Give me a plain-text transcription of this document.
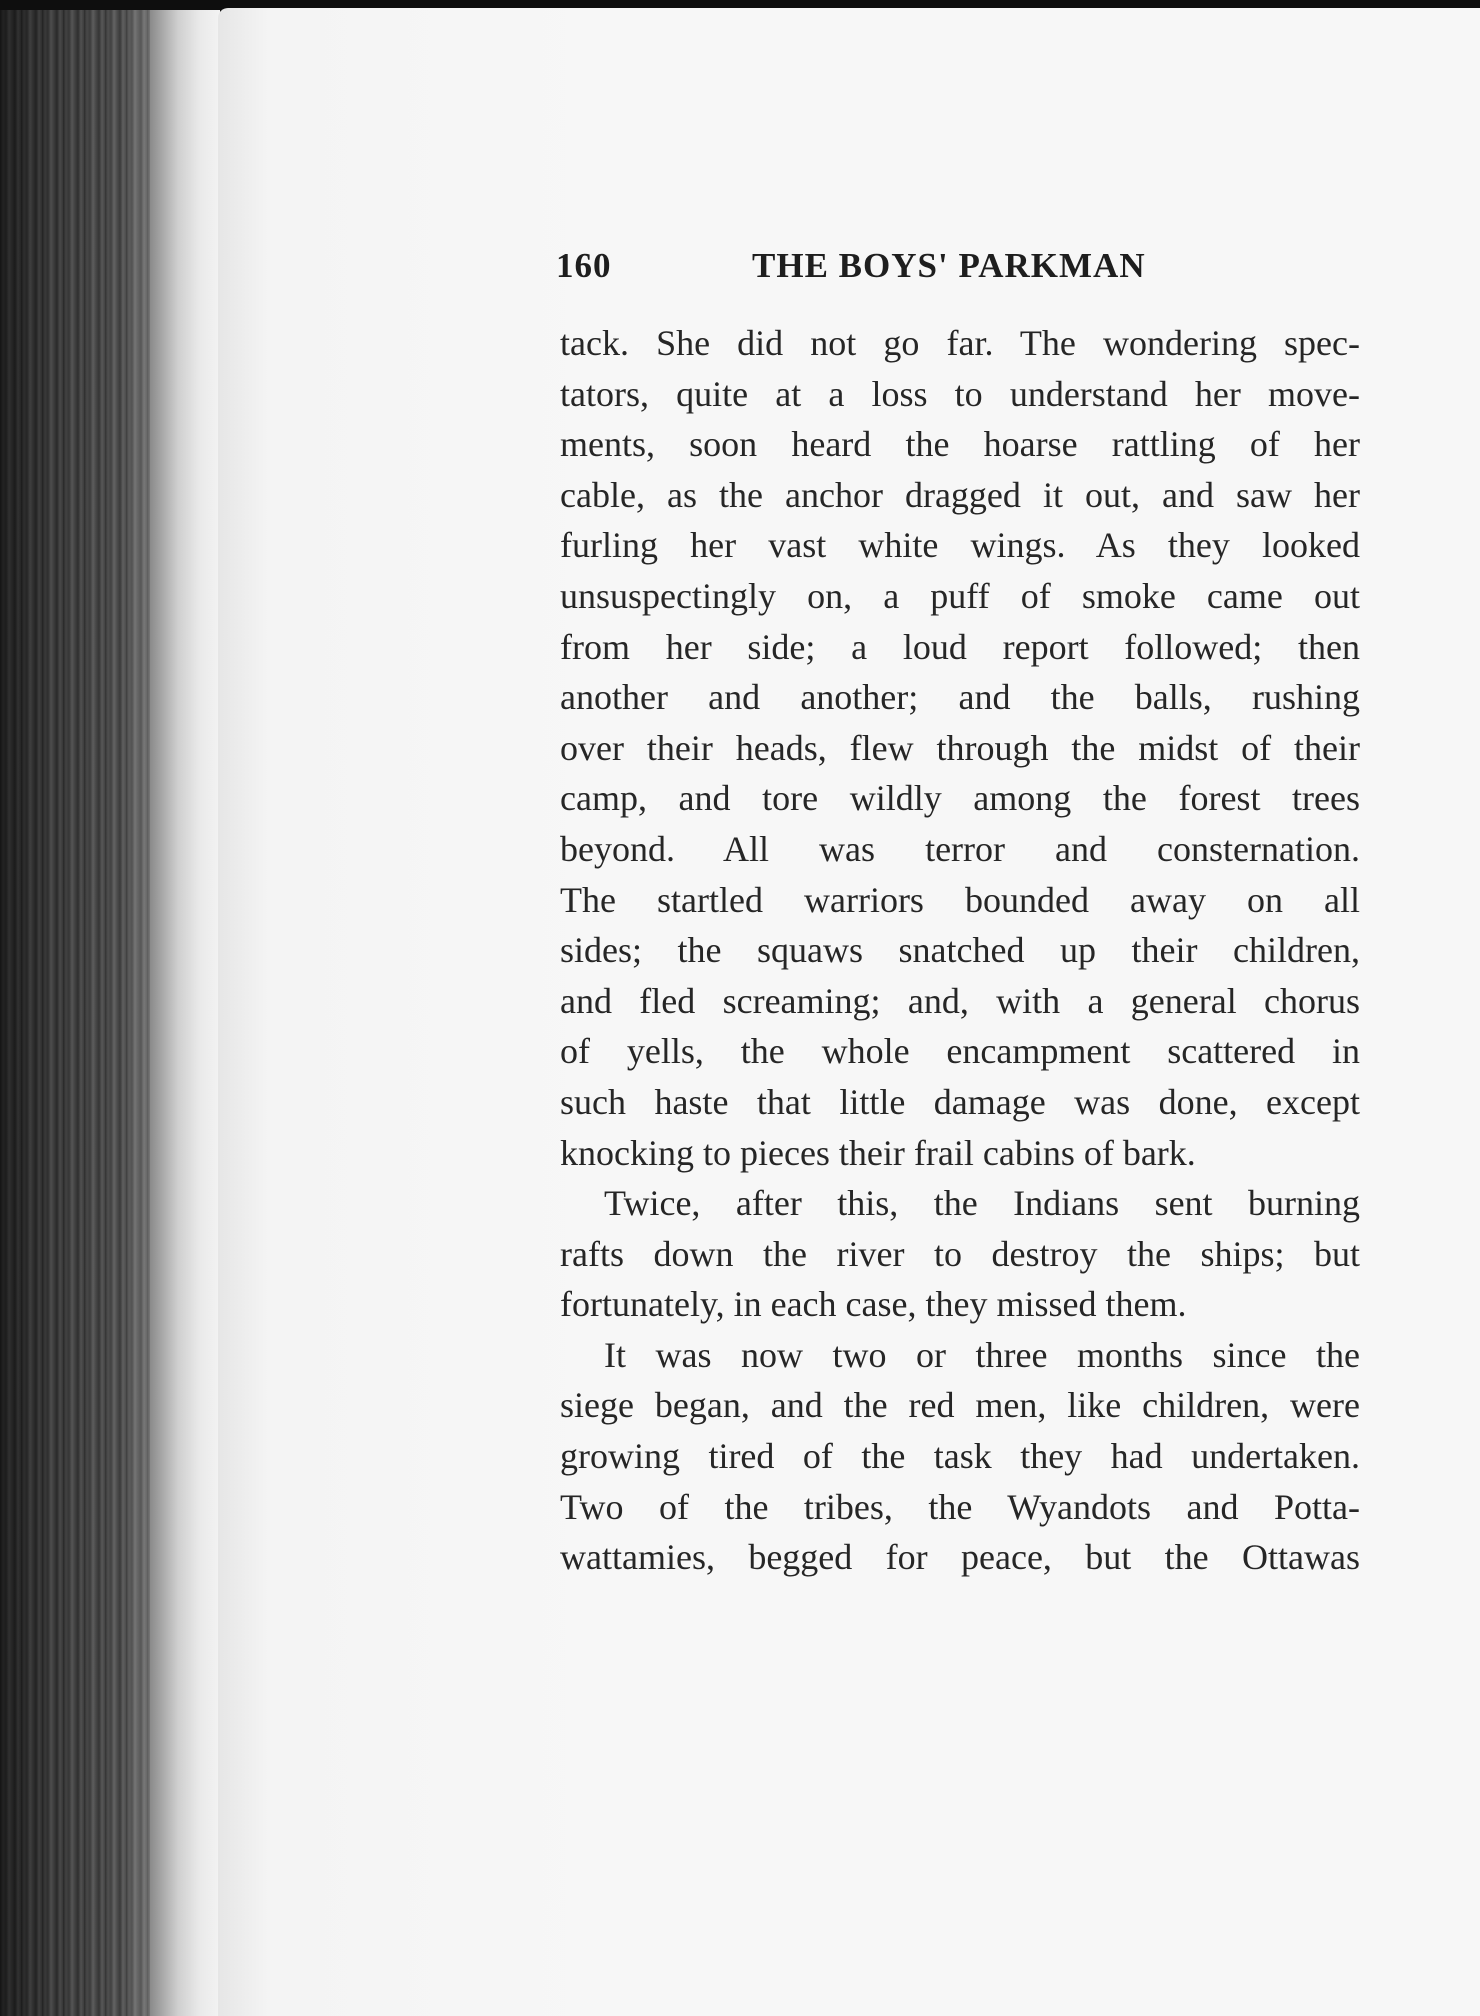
160	THE BOYS' PARKMAN
tack. She did not go far. The wondering spec-
tators, quite at a loss to understand her move-
ments, soon heard the hoarse rattling of her
cable, as the anchor dragged it out, and saw her
furling her vast white wings. As they looked
unsuspectingly on, a puff of smoke came out
from her side; a loud report followed; then
another and another; and the balls, rushing
over their heads, flew through the midst of their
camp, and tore wildly among the forest trees
beyond. All was terror and consternation.
The startled warriors bounded away on all
sides; the squaws snatched up their children,
and fled screaming; and, with a general chorus
of yells, the whole encampment scattered in
such haste that little damage was done, except
knocking to pieces their frail cabins of bark.
Twice, after this, the Indians sent burning
rafts down the river to destroy the ships; but
fortunately, in each case, they missed them.
It was now two or three months since the
siege began, and the red men, like children, were
growing tired of the task they had undertaken.
Two of the tribes, the Wyandots and Potta-
wattamies, begged for peace, but the Ottawas
